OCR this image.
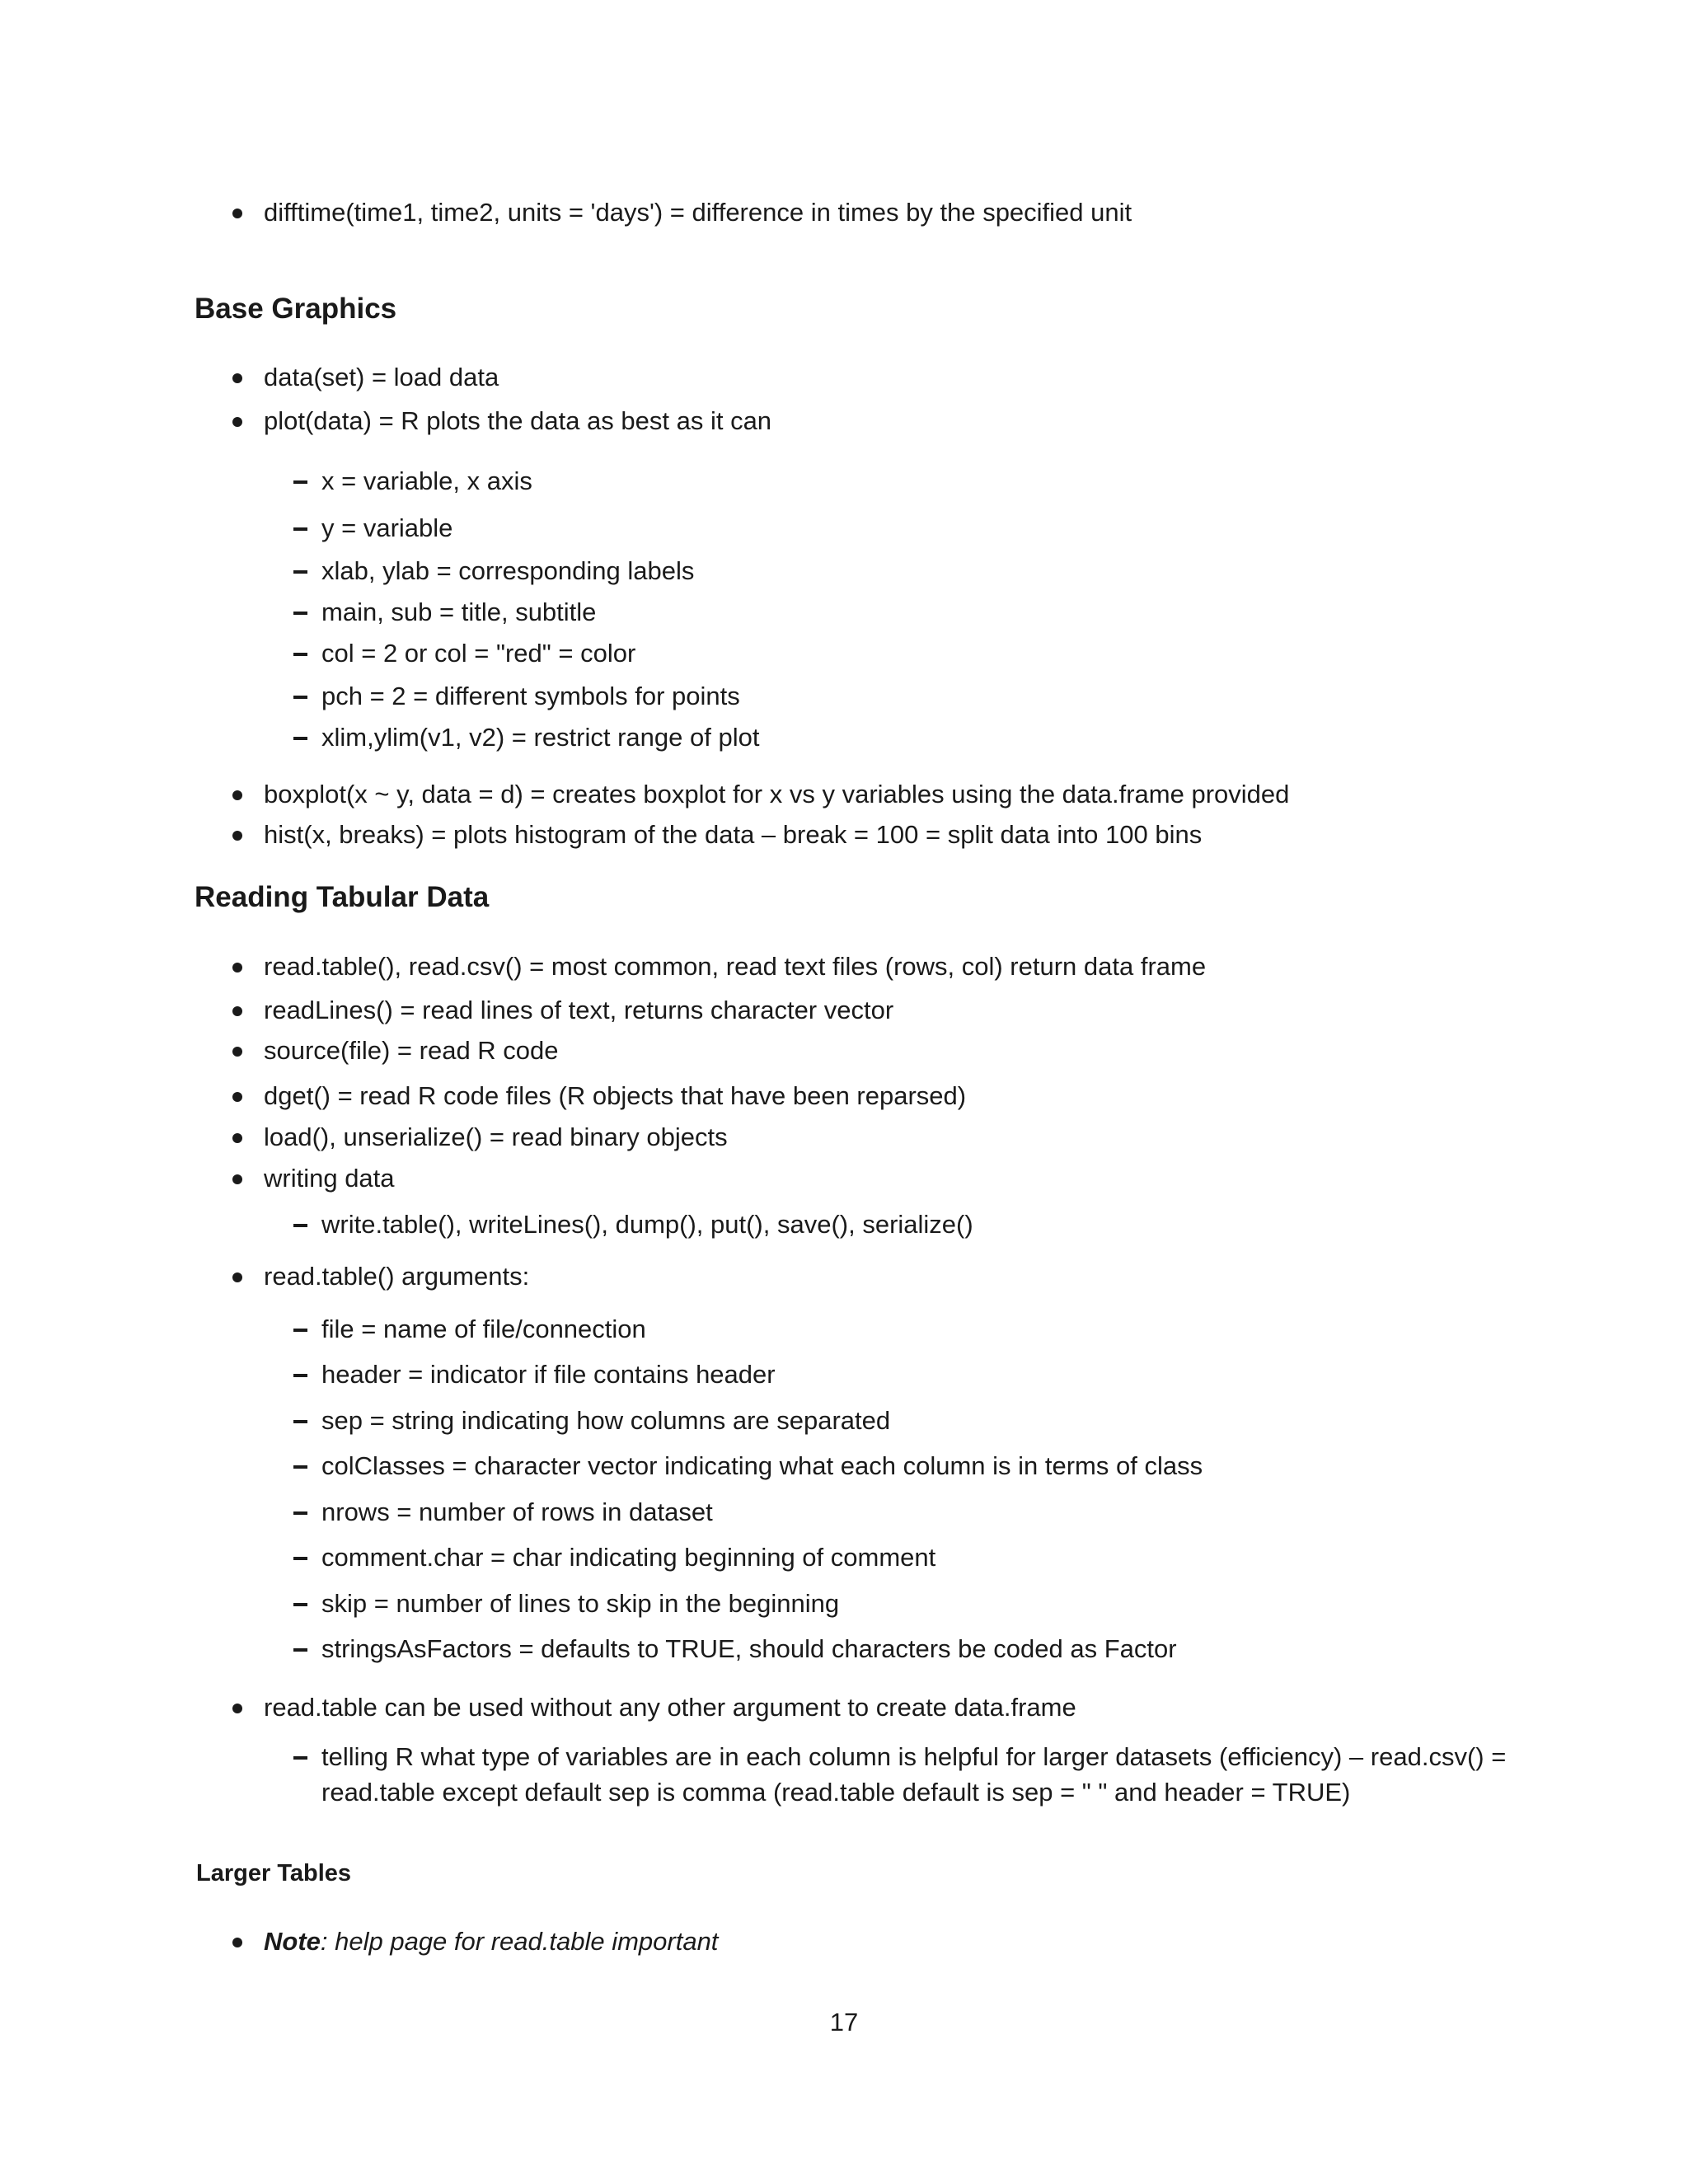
difftime(time1, time2, units = 'days') = difference in times by the specified unit
Base Graphics
data(set) = load data
plot(data) = R plots the data as best as it can
x = variable, x axis
y = variable
xlab, ylab = corresponding labels
main, sub = title, subtitle
col = 2 or col = "red" = color
pch = 2 = different symbols for points
xlim,ylim(v1, v2) = restrict range of plot
boxplot(x ~ y, data = d) = creates boxplot for x vs y variables using the data.frame provided
hist(x, breaks) = plots histogram of the data – break = 100 = split data into 100 bins
Reading Tabular Data
read.table(), read.csv() = most common, read text files (rows, col) return data frame
readLines() = read lines of text, returns character vector
source(file) = read R code
dget() = read R code files (R objects that have been reparsed)
load(), unserialize() = read binary objects
writing data
write.table(), writeLines(), dump(), put(), save(), serialize()
read.table() arguments:
file = name of file/connection
header = indicator if file contains header
sep = string indicating how columns are separated
colClasses = character vector indicating what each column is in terms of class
nrows = number of rows in dataset
comment.char = char indicating beginning of comment
skip = number of lines to skip in the beginning
stringsAsFactors = defaults to TRUE, should characters be coded as Factor
read.table can be used without any other argument to create data.frame
telling R what type of variables are in each column is helpful for larger datasets (efficiency) – read.csv() =
read.table except default sep is comma (read.table default is sep = " " and header = TRUE)
Larger Tables
Note: help page for read.table important
17
